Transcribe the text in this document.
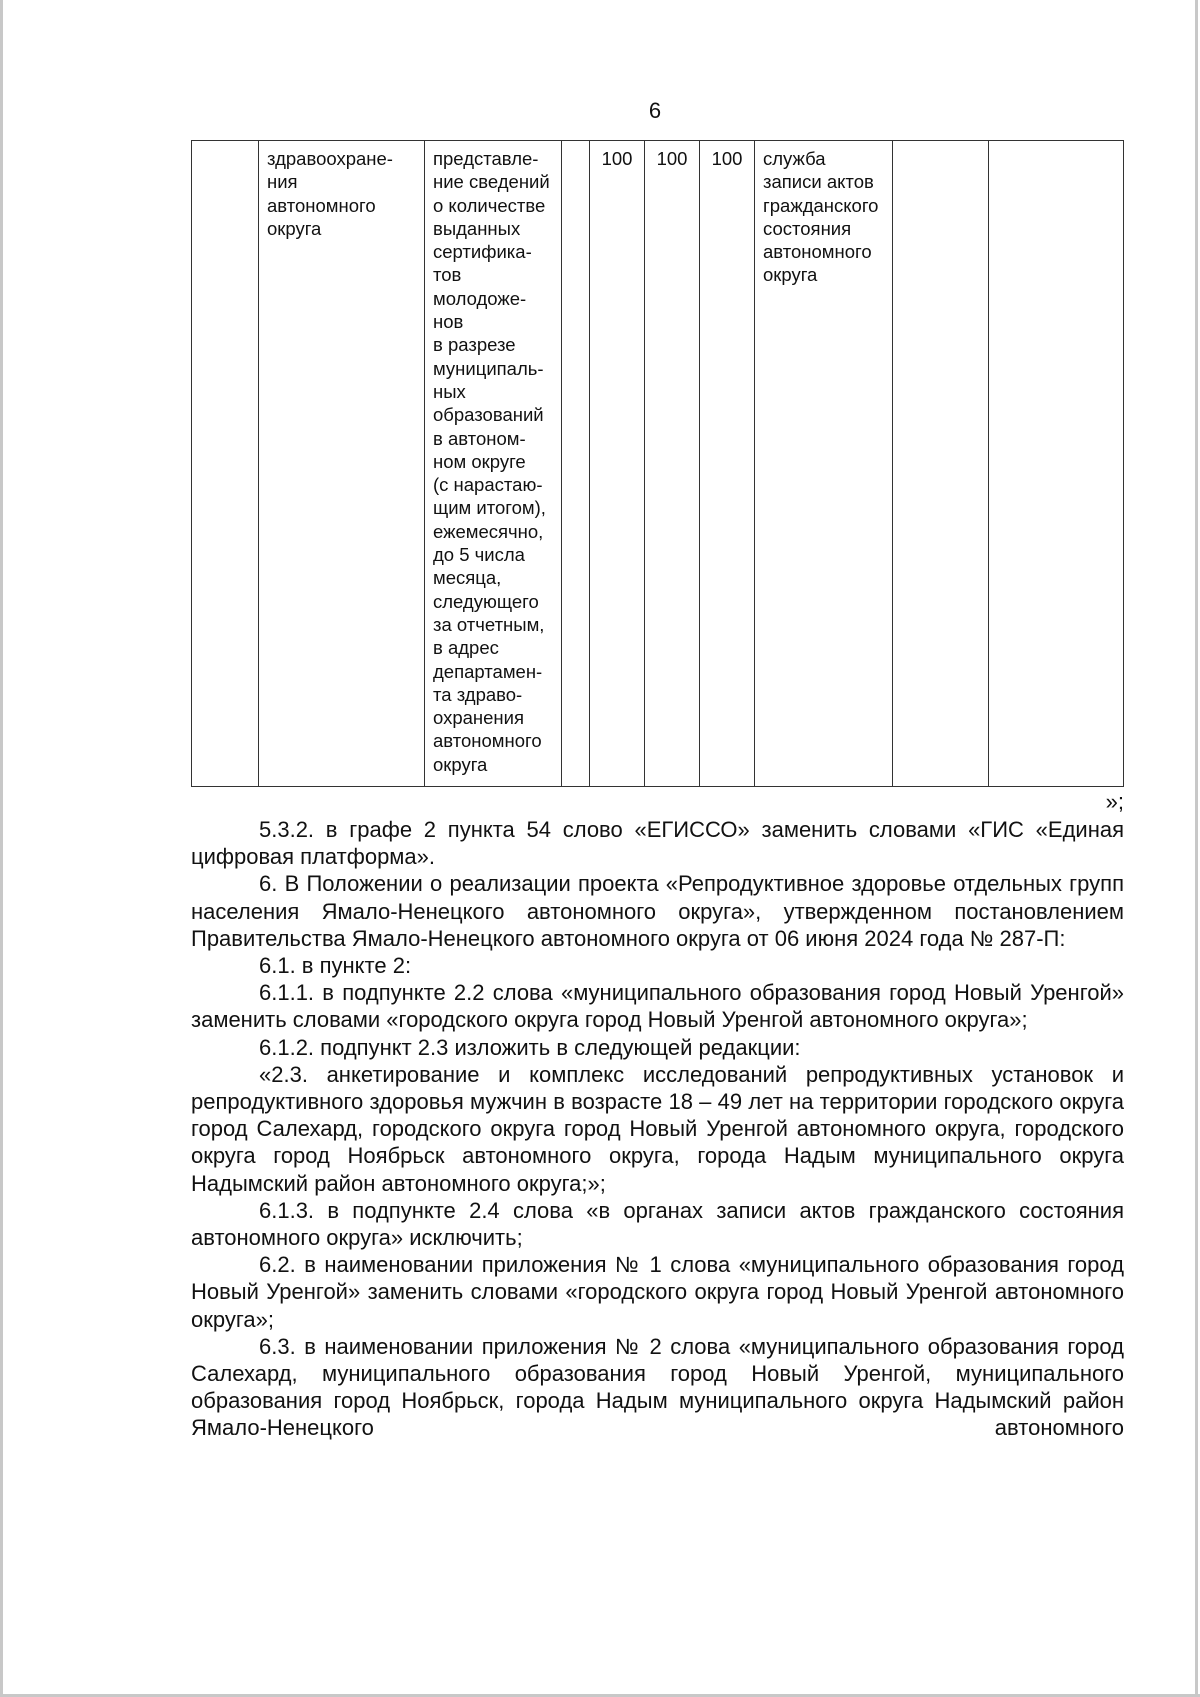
6
	здравоохране-
ния
автономного
округа	представле-
ние сведений
о количестве
выданных
сертифика-
тов
молодоже-
нов
в разрезе
муниципаль-
ных
образований
в автоном-
ном округе
(с нарастаю-
щим итогом),
ежемесячно,
до 5 числа
месяца,
следующего
за отчетным,
в адрес
департамен-
та здраво-
охранения
автономного
округа		100	100	100	служба
записи актов
гражданского
состояния
автономного
округа		
»;

5.3.2. в графе 2 пункта 54 слово «ЕГИССО» заменить словами «ГИС «Единая цифровая платформа».

6. В Положении о реализации проекта «Репродуктивное здоровье отдельных групп населения Ямало-Ненецкого автономного округа», утвержденном постановлением Правительства Ямало-Ненецкого автономного округа от 06 июня 2024 года № 287-П:

6.1. в пункте 2:

6.1.1. в подпункте 2.2 слова «муниципального образования город Новый Уренгой» заменить словами «городского округа город Новый Уренгой автономного округа»;

6.1.2. подпункт 2.3 изложить в следующей редакции:

«2.3. анкетирование и комплекс исследований репродуктивных установок и репродуктивного здоровья мужчин в возрасте 18 – 49 лет на территории городского округа город Салехард, городского округа город Новый Уренгой автономного округа, городского округа город Ноябрьск автономного округа, города Надым муниципального округа Надымский район автономного округа;»;

6.1.3. в подпункте 2.4 слова «в органах записи актов гражданского состояния автономного округа» исключить;

6.2. в наименовании приложения № 1 слова «муниципального образования город Новый Уренгой» заменить словами «городского округа город Новый Уренгой автономного округа»;

6.3. в наименовании приложения № 2 слова «муниципального образования город Салехард, муниципального образования город Новый Уренгой, муниципального образования город Ноябрьск, города Надым муниципального округа Надымский район Ямало-Ненецкого автономного
